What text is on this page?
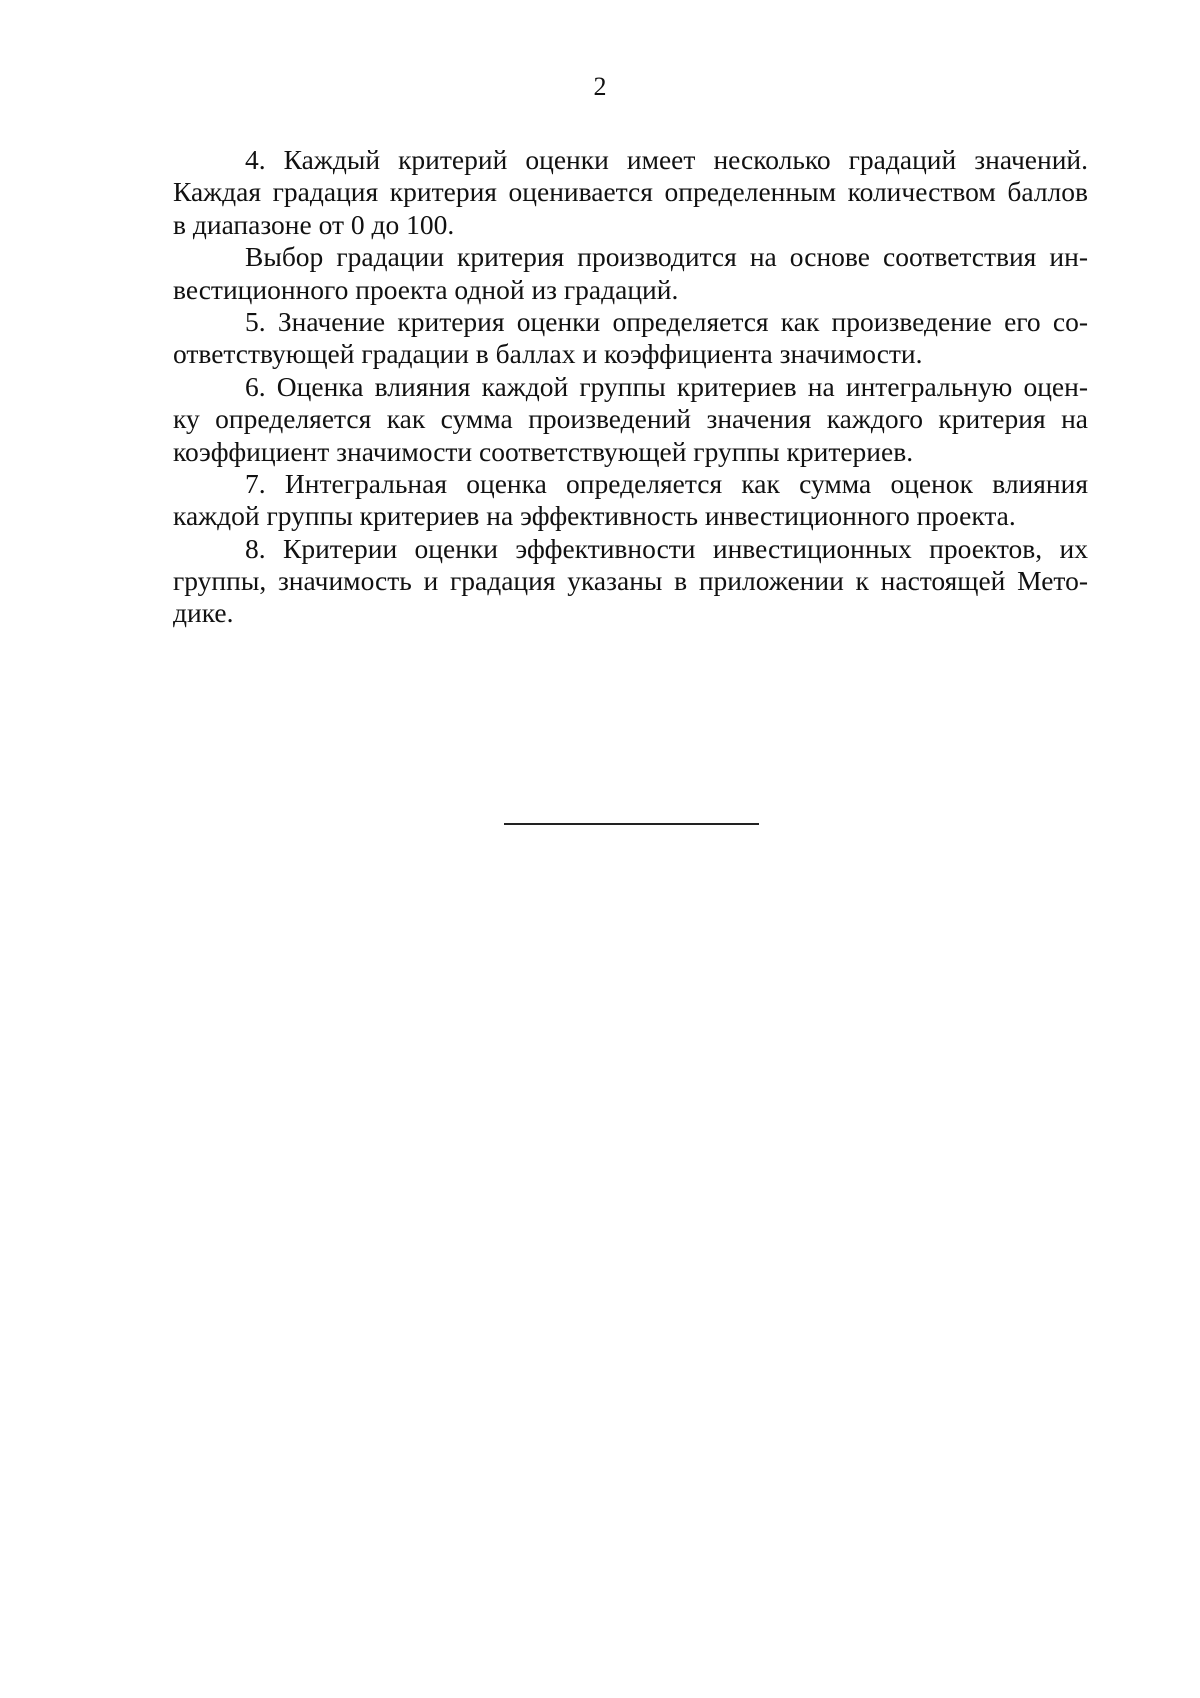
2
4. Каждый критерий оценки имеет несколько градаций значений.
Каждая градация критерия оценивается определенным количеством баллов
в диапазоне от 0 до 100.
Выбор градации критерия производится на основе соответствия ин-
вестиционного проекта одной из градаций.
5. Значение критерия оценки определяется как произведение его со-
ответствующей градации в баллах и коэффициента значимости.
6. Оценка влияния каждой группы критериев на интегральную оцен-
ку определяется как сумма произведений значения каждого критерия на
коэффициент значимости соответствующей группы критериев.
7. Интегральная оценка определяется как сумма оценок влияния
каждой группы критериев на эффективность инвестиционного проекта.
8. Критерии оценки эффективности инвестиционных проектов, их
группы, значимость и градация указаны в приложении к настоящей Мето-
дике.
